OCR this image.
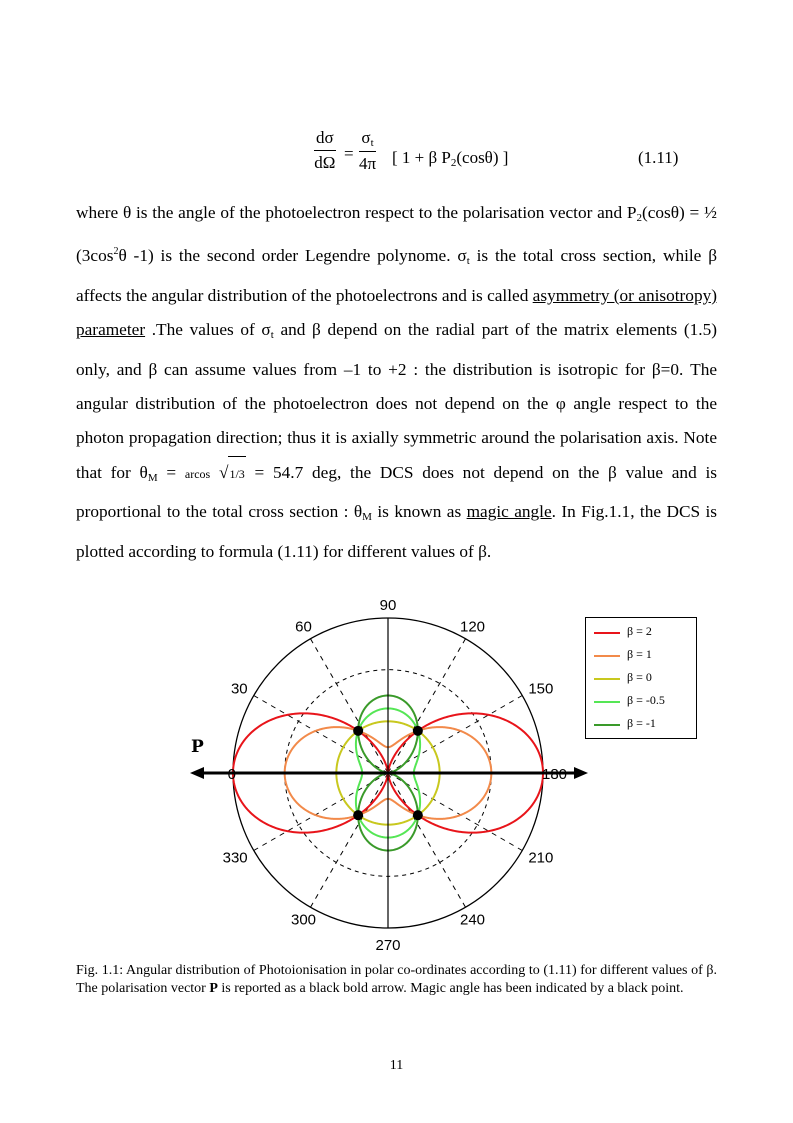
dσ
dΩ =
$\sigma_t$
4π [ 1 + β $P_2(\cos\theta)$ ]	(1.11)

where θ is the angle of the photoelectron respect to the polarisation vector and $P_2(\cos\theta)$ = ½ ($3\cos^2\theta$ -1) is the second order Legendre polynome. $\sigma_t$ is the total cross section, while β affects the angular distribution of the photoelectrons and is called asymmetry (or anisotropy) parameter .The values of $\sigma_t$ and β depend on the radial part of the matrix elements (1.5) only, and β can assume values from –1 to +2 : the distribution is isotropic for β=0. The angular distribution of the photoelectron does not depend on the φ angle respect to the photon propagation direction; thus it is axially symmetric around the polarisation axis. Note that for $\theta_M = arcos$ √1/3 = 54.7 deg, the DCS does not depend on the β value and is proportional to the total cross section : $\theta_M$ is known as magic angle. In Fig.1.1, the DCS is plotted according to formula (1.11) for different values of β.

0
30
60
90
120
150
180
210
240
270
300
330
P
β = 2
β = 1
β = 0
β = -0.5
β = -1
Fig. 1.1: Angular distribution of Photoionisation in polar co-ordinates according to (1.11) for different values of β. The polarisation vector P is reported as a black bold arrow. Magic angle has been indicated by a black point.
11
